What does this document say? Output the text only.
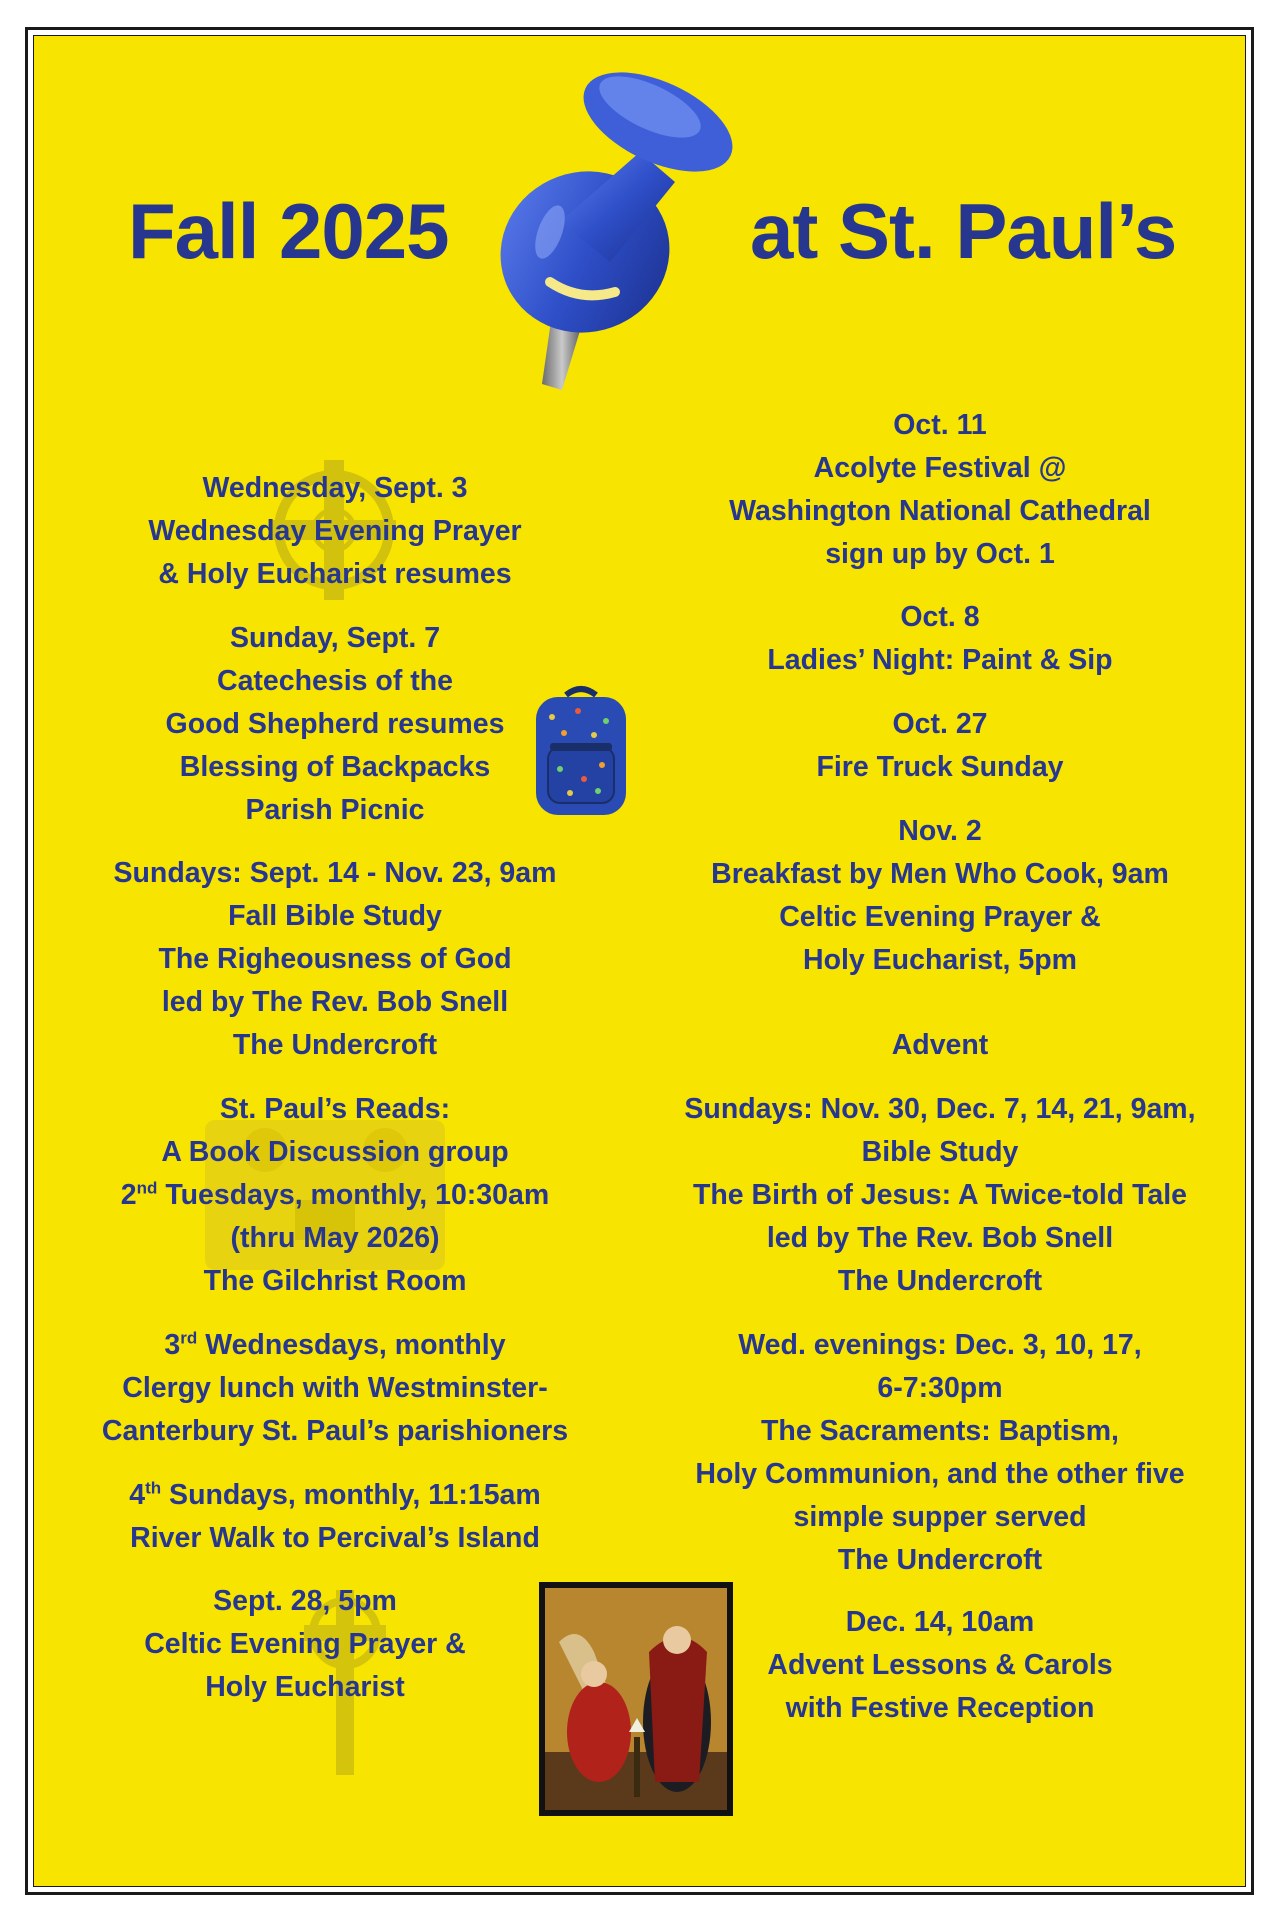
Fall 2025	at St. Paul’s
Wednesday, Sept. 3
Wednesday Evening Prayer
& Holy Eucharist resumes
Sunday, Sept. 7
Catechesis of the
Good Shepherd resumes
Blessing of Backpacks
Parish Picnic
Sundays: Sept. 14 - Nov. 23, 9am
Fall Bible Study
The Righeousness of God
led by The Rev. Bob Snell
The Undercroft
St. Paul’s Reads:
A Book Discussion group
2nd Tuesdays, monthly, 10:30am
(thru May 2026)
The Gilchrist Room
3rd Wednesdays, monthly
Clergy lunch with Westminster-
Canterbury St. Paul’s parishioners
4th Sundays, monthly, 11:15am
River Walk to Percival’s Island
Sept. 28, 5pm
Celtic Evening Prayer &
Holy Eucharist
Oct. 11
Acolyte Festival @
Washington National Cathedral
sign up by Oct. 1
Oct. 8
Ladies’ Night: Paint & Sip
Oct. 27
Fire Truck Sunday
Nov. 2
Breakfast by Men Who Cook, 9am
Celtic Evening Prayer &
Holy Eucharist, 5pm
Advent
Sundays: Nov. 30, Dec. 7, 14, 21, 9am,
Bible Study
The Birth of Jesus: A Twice-told Tale
led by The Rev. Bob Snell
The Undercroft
Wed. evenings: Dec. 3, 10, 17,
6-7:30pm
The Sacraments: Baptism,
Holy Communion, and the other five
simple supper served
The Undercroft
Dec. 14, 10am
Advent Lessons & Carols
with Festive Reception
